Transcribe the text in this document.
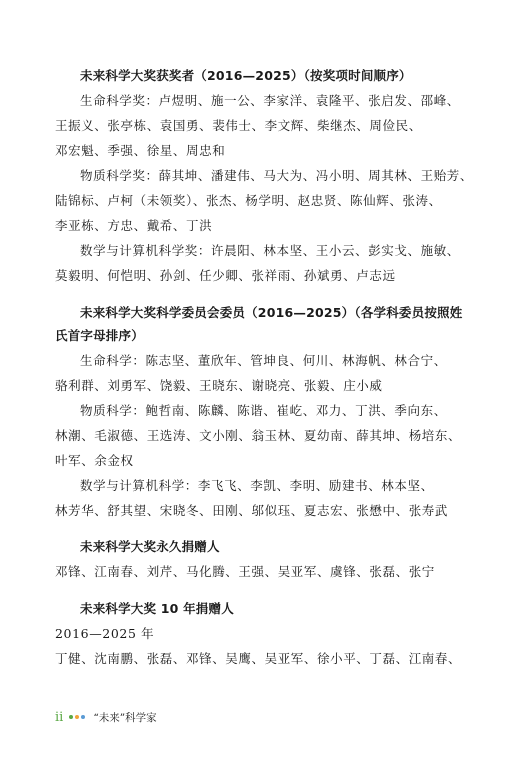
未来科学大奖获奖者（2016—2025）（按奖项时间顺序）
生命科学奖：卢煜明、施一公、李家洋、袁隆平、张启发、邵峰、
王振义、张亭栋、袁国勇、裴伟士、李文辉、柴继杰、周俭民、
邓宏魁、季强、徐星、周忠和
物质科学奖：薛其坤、潘建伟、马大为、冯小明、周其林、王贻芳、
陆锦标、卢柯（未领奖）、张杰、杨学明、赵忠贤、陈仙辉、张涛、
李亚栋、方忠、戴希、丁洪
数学与计算机科学奖：许晨阳、林本坚、王小云、彭实戈、施敏、
莫毅明、何恺明、孙剑、任少卿、张祥雨、孙斌勇、卢志远
未来科学大奖科学委员会委员（2016—2025）（各学科委员按照姓
氏首字母排序）
生命科学：陈志坚、董欣年、管坤良、何川、林海帆、林合宁、
骆利群、刘勇军、饶毅、王晓东、谢晓亮、张毅、庄小威
物质科学：鲍哲南、陈麟、陈谐、崔屹、邓力、丁洪、季向东、
林潮、毛淑德、王选涛、文小刚、翁玉林、夏幼南、薛其坤、杨培东、
叶军、余金权
数学与计算机科学：李飞飞、李凯、李明、励建书、林本坚、
林芳华、舒其望、宋晓冬、田刚、邬似珏、夏志宏、张懋中、张寿武
未来科学大奖永久捐赠人
邓锋、江南春、刘芹、马化腾、王强、吴亚军、虞锋、张磊、张宁
未来科学大奖 10 年捐赠人
2016—2025 年
丁健、沈南鹏、张磊、邓锋、吴鹰、吴亚军、徐小平、丁磊、江南春、
ii	“未来”科学家
